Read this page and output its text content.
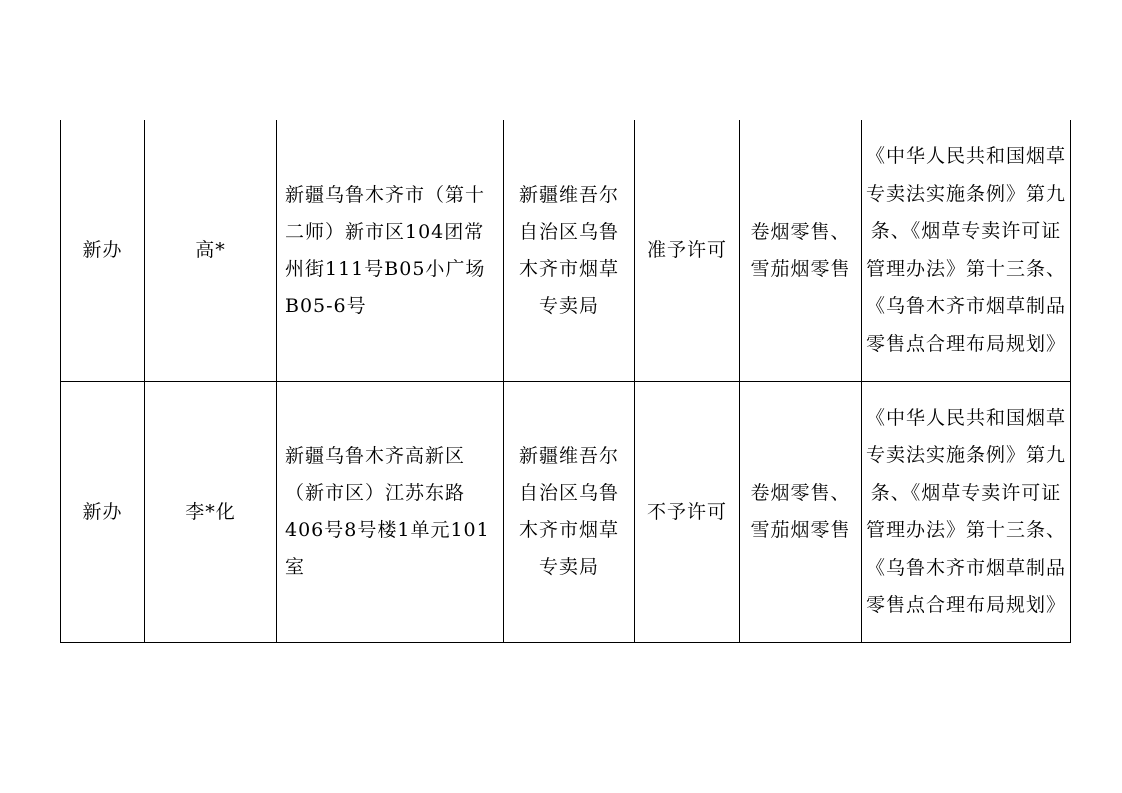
新办	高*	新疆乌鲁木齐市（第十二师）新市区104团常州街111号B05小广场B05-6号	新疆维吾尔自治区乌鲁木齐市烟草专卖局	准予许可	卷烟零售、雪茄烟零售	《中华人民共和国烟草专卖法实施条例》第九条、《烟草专卖许可证管理办法》第十三条、《乌鲁木齐市烟草制品零售点合理布局规划》

新办	李*化	新疆乌鲁木齐高新区（新市区）江苏东路406号8号楼1单元101室	新疆维吾尔自治区乌鲁木齐市烟草专卖局	不予许可	卷烟零售、雪茄烟零售	《中华人民共和国烟草专卖法实施条例》第九条、《烟草专卖许可证管理办法》第十三条、《乌鲁木齐市烟草制品零售点合理布局规划》
